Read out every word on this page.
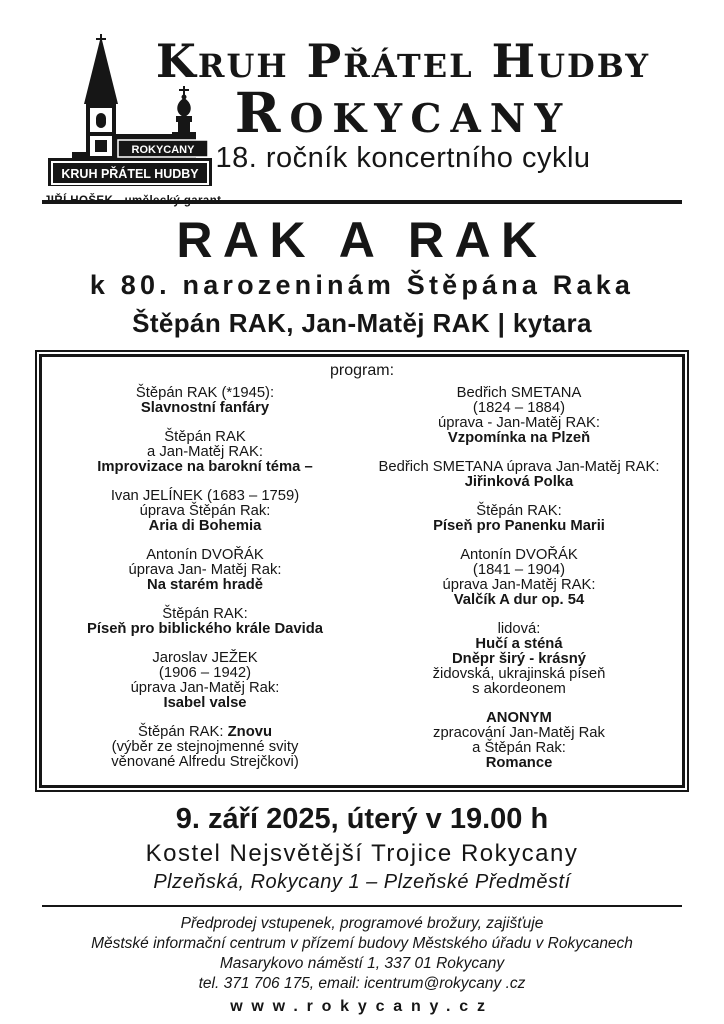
ROKYCANY
KRUH PŘÁTEL HUDBY
JIŘÍ HOŠEK - umělecký garant
Kruh Přátel Hudby
Rokycany
18. ročník koncertního cyklu
RAK A RAK
k 80. narozeninám Štěpána Raka
Štěpán RAK, Jan-Matěj RAK | kytara
program:
Štěpán RAK (*1945):
Slavnostní fanfáry
Štěpán RAK
a Jan-Matěj RAK:
Improvizace na barokní téma –
Ivan JELÍNEK (1683 – 1759)
úprava Štěpán Rak:
Aria di Bohemia
Antonín DVOŘÁK
úprava Jan- Matěj Rak:
Na starém hradě
Štěpán RAK:
Píseň pro biblického krále Davida
Jaroslav JEŽEK
(1906 – 1942)
úprava Jan-Matěj Rak:
Isabel valse
Štěpán RAK: Znovu
(výběr ze stejnojmenné svity
věnované Alfredu Strejčkovi)
Bedřich SMETANA
(1824 – 1884)
úprava - Jan-Matěj RAK:
Vzpomínka na Plzeň
Bedřich SMETANA úprava Jan-Matěj RAK:
Jiřinková Polka
Štěpán RAK:
Píseň pro Panenku Marii
Antonín DVOŘÁK
(1841 – 1904)
úprava Jan-Matěj RAK:
Valčík A dur op. 54
lidová:
Hučí a sténá
Dněpr širý - krásný
židovská, ukrajinská píseň
s akordeonem
ANONYM
zpracování Jan-Matěj Rak
a Štěpán Rak:
Romance
9. září 2025, úterý v 19.00 h
Kostel Nejsvětější Trojice Rokycany
Plzeňská, Rokycany 1 – Plzeňské Předměstí
Předprodej vstupenek, programové brožury, zajišťuje
Městské informační centrum v přízemí budovy Městského úřadu v Rokycanech
Masarykovo náměstí 1, 337 01 Rokycany
tel. 371 706 175, email: icentrum@rokycany .cz
www.rokycany.cz
